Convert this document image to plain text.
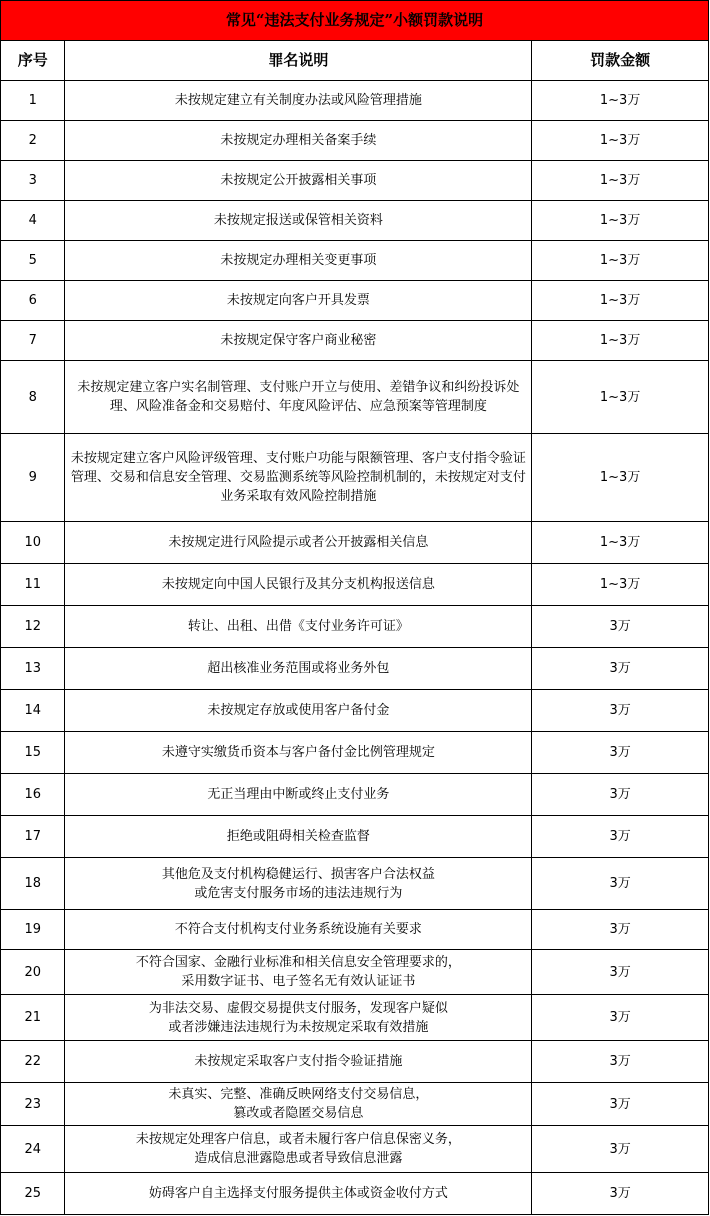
常见“违法支付业务规定”小额罚款说明		
序号	罪名说明	罚款金额
1	未按规定建立有关制度办法或风险管理措施	1~3万
2	未按规定办理相关备案手续	1~3万
3	未按规定公开披露相关事项	1~3万
4	未按规定报送或保管相关资料	1~3万
5	未按规定办理相关变更事项	1~3万
6	未按规定向客户开具发票	1~3万
7	未按规定保守客户商业秘密	1~3万
8	未按规定建立客户实名制管理、支付账户开立与使用、差错争议和纠纷投诉处理、风险准备金和交易赔付、年度风险评估、应急预案等管理制度	1~3万
9	未按规定建立客户风险评级管理、支付账户功能与限额管理、客户支付指令验证管理、交易和信息安全管理、交易监测系统等风险控制机制的，未按规定对支付业务采取有效风险控制措施	1~3万
10	未按规定进行风险提示或者公开披露相关信息	1~3万
11	未按规定向中国人民银行及其分支机构报送信息	1~3万
12	转让、出租、出借《支付业务许可证》	3万
13	超出核准业务范围或将业务外包	3万
14	未按规定存放或使用客户备付金	3万
15	未遵守实缴货币资本与客户备付金比例管理规定	3万
16	无正当理由中断或终止支付业务	3万
17	拒绝或阻碍相关检查监督	3万
18	其他危及支付机构稳健运行、损害客户合法权益
或危害支付服务市场的违法违规行为	3万
19	不符合支付机构支付业务系统设施有关要求	3万
20	不符合国家、金融行业标准和相关信息安全管理要求的，
采用数字证书、电子签名无有效认证证书	3万
21	为非法交易、虚假交易提供支付服务，发现客户疑似
或者涉嫌违法违规行为未按规定采取有效措施	3万
22	未按规定采取客户支付指令验证措施	3万
23	未真实、完整、准确反映网络支付交易信息，
篡改或者隐匿交易信息	3万
24	未按规定处理客户信息，或者未履行客户信息保密义务，
造成信息泄露隐患或者导致信息泄露	3万
25	妨碍客户自主选择支付服务提供主体或资金收付方式	3万
